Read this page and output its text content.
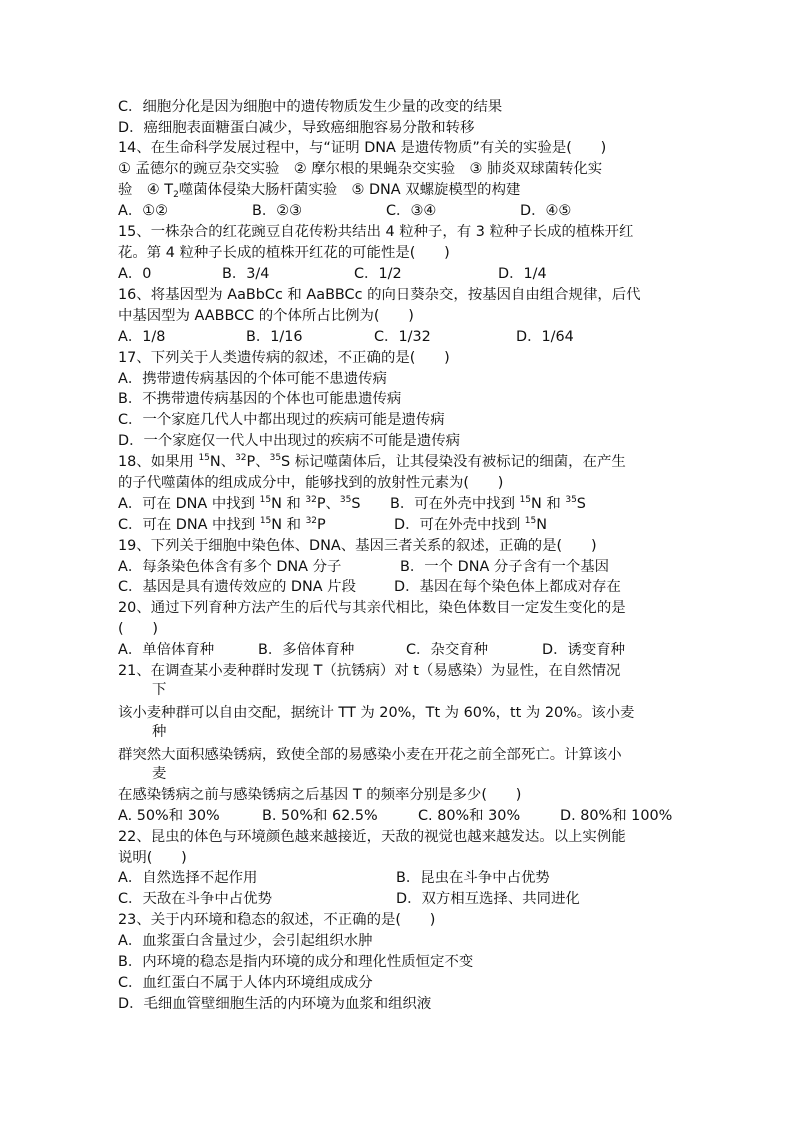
C．细胞分化是因为细胞中的遗传物质发生少量的改变的结果
D．癌细胞表面糖蛋白减少，导致癌细胞容易分散和转移
14、在生命科学发展过程中，与“证明 DNA 是遗传物质”有关的实验是(　　)
① 孟德尔的豌豆杂交实验　② 摩尔根的果蝇杂交实验　③ 肺炎双球菌转化实
验　④ $T_2$噬菌体侵染大肠杆菌实验　⑤ DNA 双螺旋模型的构建
A．①②	B．②③	C．③④	D．④⑤
15、一株杂合的红花豌豆自花传粉共结出 4 粒种子，有 3 粒种子长成的植株开红
花。第 4 粒种子长成的植株开红花的可能性是(　　)
A．0	B．3/4	C．1/2	D．1/4
16、将基因型为 AaBbCc 和 AaBBCc 的向日葵杂交，按基因自由组合规律，后代
中基因型为 AABBCC 的个体所占比例为(　　)
A．1/8	B．1/16	C．1/32	D．1/64
17、下列关于人类遗传病的叙述，不正确的是(　　)
A．携带遗传病基因的个体可能不患遗传病
B．不携带遗传病基因的个体也可能患遗传病
C．一个家庭几代人中都出现过的疾病可能是遗传病
D．一个家庭仅一代人中出现过的疾病不可能是遗传病
18、如果用 $^{15}$N、$^{32}$P、$^{35}$S 标记噬菌体后，让其侵染没有被标记的细菌，在产生
的子代噬菌体的组成成分中，能够找到的放射性元素为(　　)
A．可在 DNA 中找到 $^{15}$N 和 $^{32}$P、$^{35}$S B．可在外壳中找到 $^{15}$N 和 $^{35}$S
C．可在 DNA 中找到 $^{15}$N 和 $^{32}$P	D．可在外壳中找到 $^{15}$N
19、下列关于细胞中染色体、DNA、基因三者关系的叙述，正确的是(　　)
A．每条染色体含有多个 DNA 分子	B．一个 DNA 分子含有一个基因
C．基因是具有遗传效应的 DNA 片段	D．基因在每个染色体上都成对存在
20、通过下列育种方法产生的后代与其亲代相比，染色体数目一定发生变化的是
(　　)
A．单倍体育种	B．多倍体育种	C．杂交育种	D．诱变育种
21、在调查某小麦种群时发现 T（抗锈病）对 t（易感染）为显性，在自然情况
下
该小麦种群可以自由交配，据统计 TT 为 20%，Tt 为 60%，tt 为 20%。该小麦
种
群突然大面积感染锈病，致使全部的易感染小麦在开花之前全部死亡。计算该小
麦
在感染锈病之前与感染锈病之后基因 T 的频率分别是多少(　　)
A. 50%和 30%	B. 50%和 62.5%	C. 80%和 30%	D. 80%和 100%
22、昆虫的体色与环境颜色越来越接近，天敌的视觉也越来越发达。以上实例能
说明(　　)
A．自然选择不起作用	B．昆虫在斗争中占优势
C．天敌在斗争中占优势	D．双方相互选择、共同进化
23、关于内环境和稳态的叙述，不正确的是(　　)
A．血浆蛋白含量过少，会引起组织水肿
B．内环境的稳态是指内环境的成分和理化性质恒定不变
C．血红蛋白不属于人体内环境组成成分
D．毛细血管壁细胞生活的内环境为血浆和组织液
